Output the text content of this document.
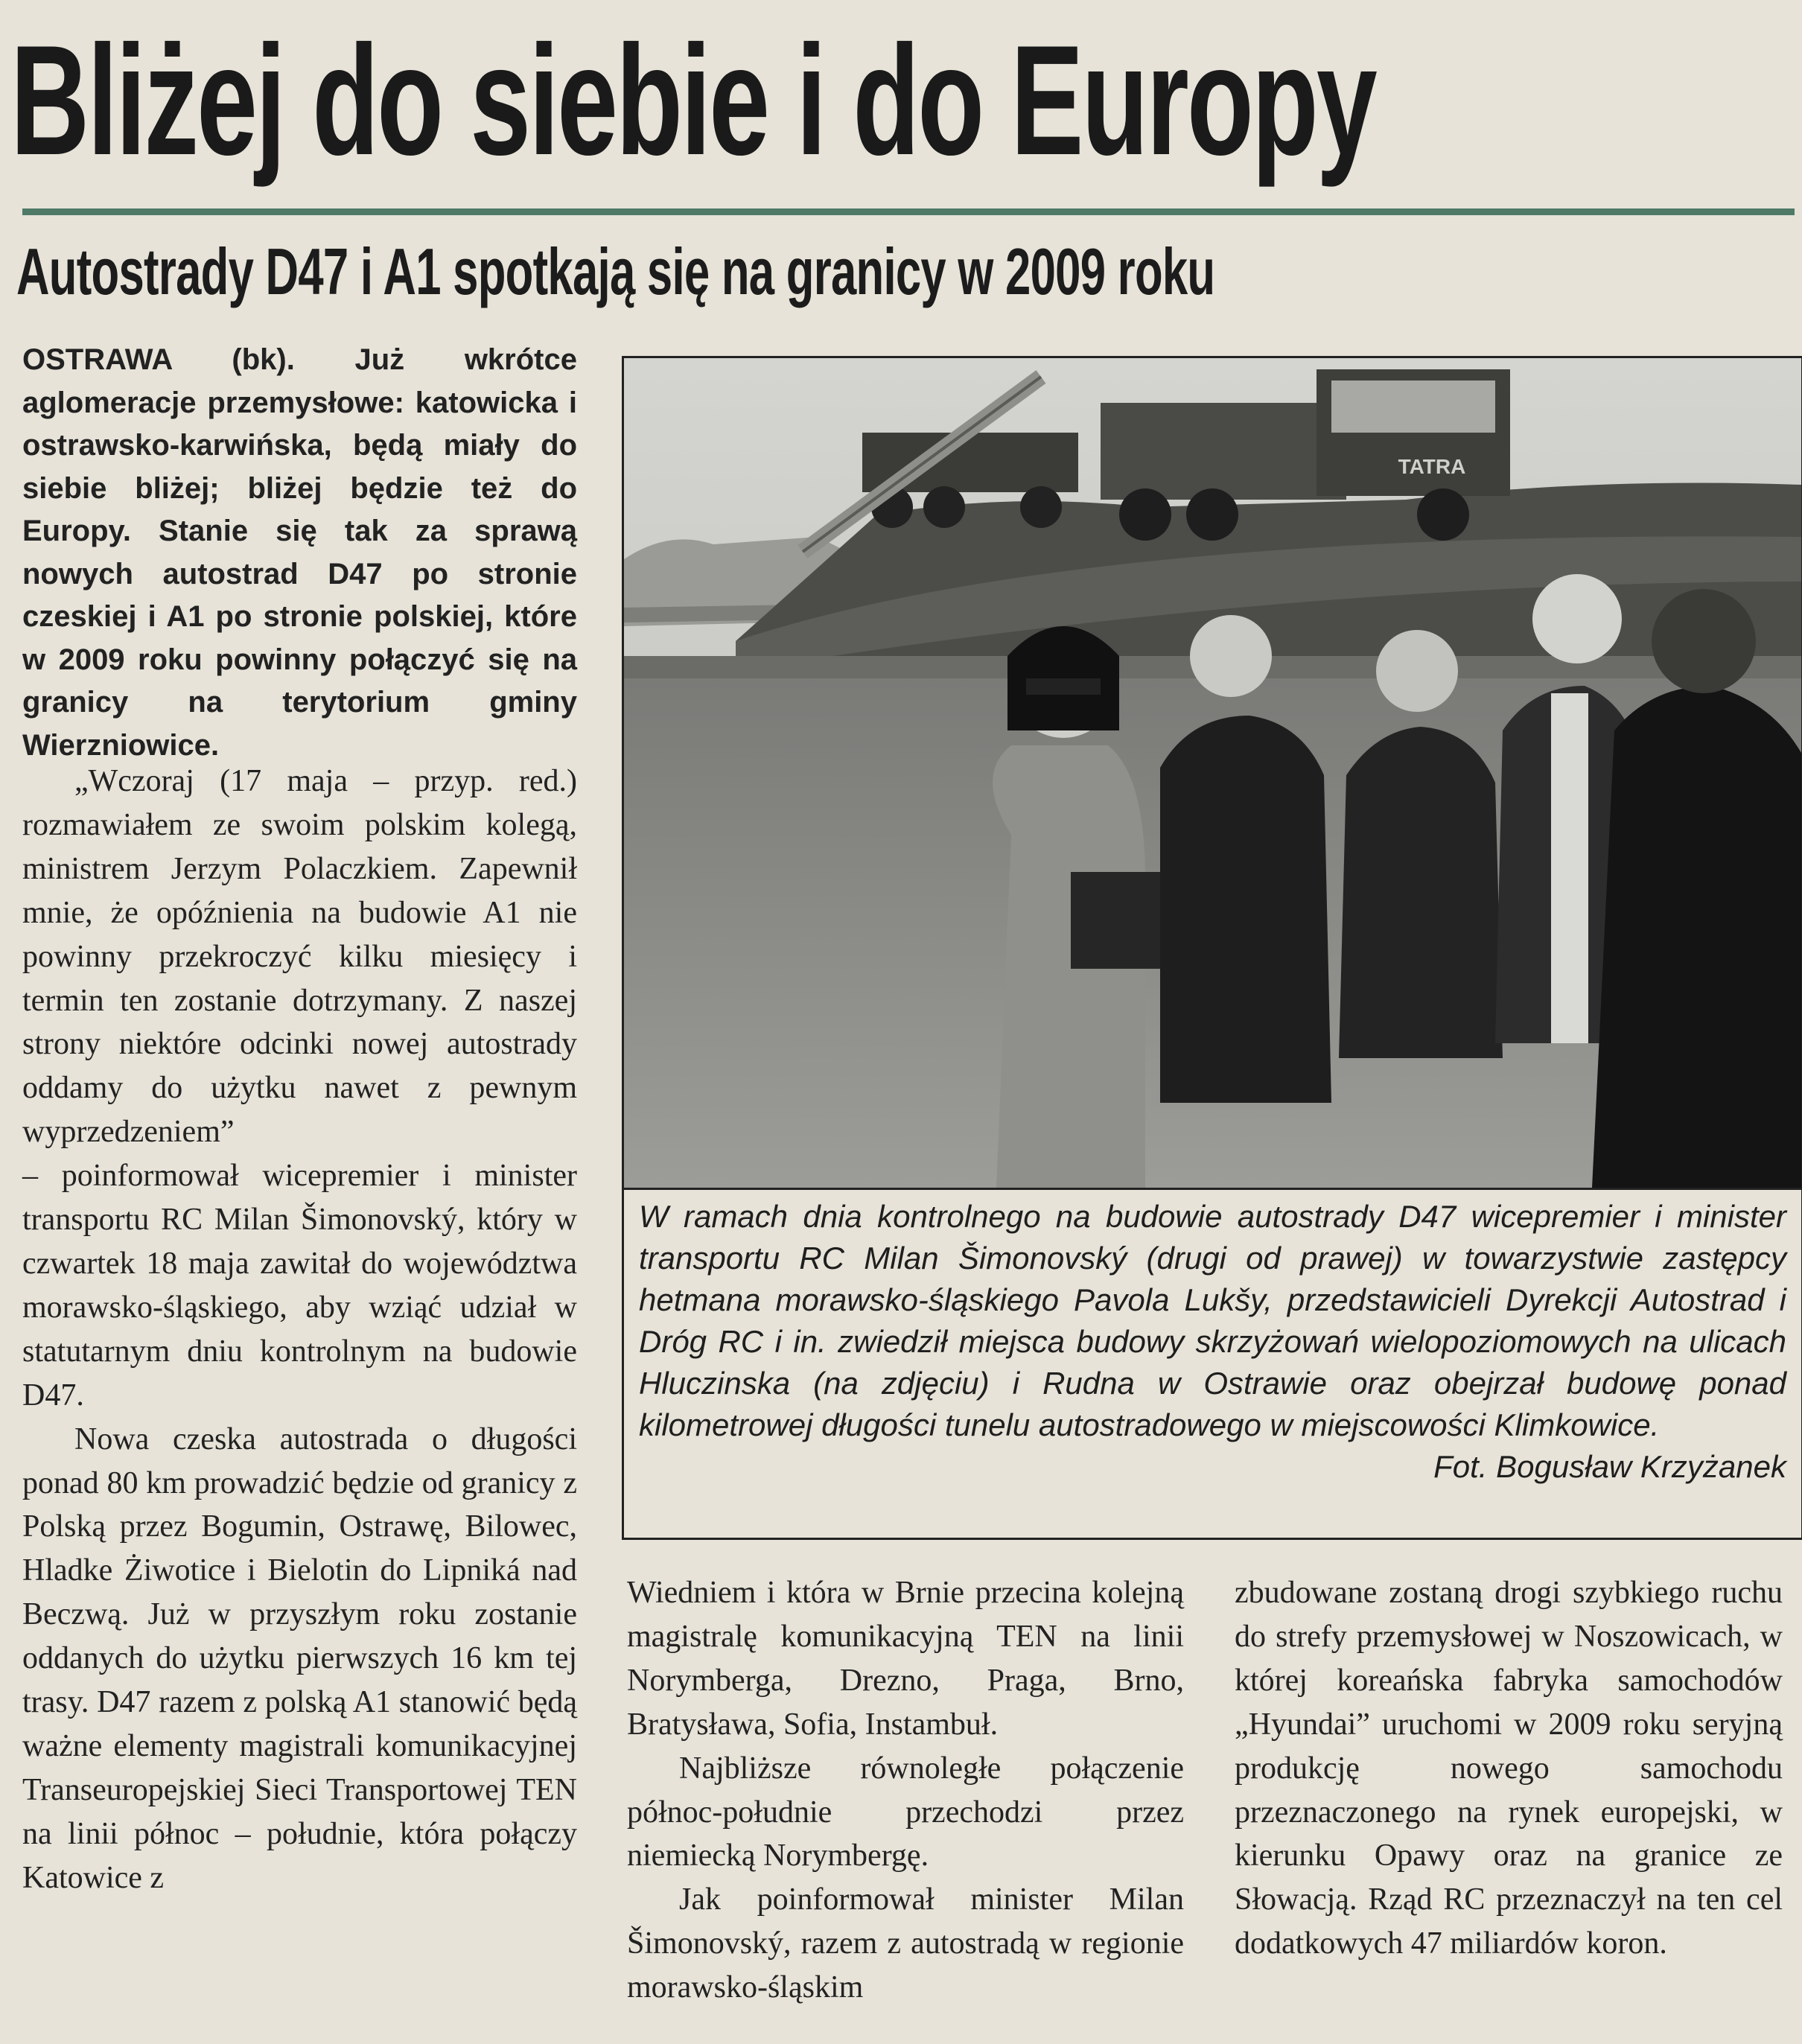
Bliżej do siebie i do Europy
Autostrady D47 i A1 spotkają się na granicy w 2009 roku
OSTRAWA (bk). Już wkrótce aglomeracje przemysłowe: katowicka i ostrawsko-karwińska, będą miały do siebie bliżej; bliżej będzie też do Europy. Stanie się tak za sprawą nowych autostrad D47 po stronie czeskiej i A1 po stronie polskiej, które w 2009 roku powinny połączyć się na granicy na terytorium gminy Wierzniowice.

„Wczoraj (17 maja – przyp. red.) rozmawiałem ze swoim polskim kolegą, ministrem Jerzym Polaczkiem. Zapewnił mnie, że opóźnienia na budowie A1 nie powinny przekroczyć kilku miesięcy i termin ten zostanie dotrzymany. Z naszej strony niektóre odcinki nowej autostrady oddamy do użytku nawet z pewnym wyprzedzeniem”

– poinformował wicepremier i minister transportu RC Milan Šimonovský, który w czwartek 18 maja zawitał do województwa morawsko-śląskiego, aby wziąć udział w statutarnym dniu kontrolnym na budowie D47.

Nowa czeska autostrada o długości ponad 80 km prowadzić będzie od granicy z Polską przez Bogumin, Ostrawę, Bilowec, Hladke Żiwotice i Bielotin do Lipniká nad Beczwą. Już w przyszłym roku zostanie oddanych do użytku pierwszych 16 km tej trasy. D47 razem z polską A1 stanowić będą ważne elementy magistrali komunikacyjnej Transeuropejskiej Sieci Transportowej TEN na linii północ – południe, która połączy Katowice z

TATRA
W ramach dnia kontrolnego na budowie autostrady D47 wicepremier i minister transportu RC Milan Šimonovský (drugi od prawej) w towarzystwie zastępcy hetmana morawsko-śląskiego Pavola Lukšy, przedstawicieli Dyrekcji Autostrad i Dróg RC i in. zwiedził miejsca budowy skrzyżowań wielopoziomowych na ulicach Hluczinska (na zdjęciu) i Rudna w Ostrawie oraz obejrzał budowę ponad kilometrowej długości tunelu autostradowego w miejscowości Klimkowice.
Fot. Bogusław Krzyżanek

Wiedniem i która w Brnie przecina kolejną magistralę komunikacyjną TEN na linii Norymberga, Drezno, Praga, Brno, Bratysława, Sofia, Instambuł.

Najbliższe równoległe połączenie północ-południe przechodzi przez niemiecką Norymbergę.

Jak poinformował minister Milan Šimonovský, razem z autostradą w regionie morawsko-śląskim

zbudowane zostaną drogi szybkiego ruchu do strefy przemysłowej w Noszowicach, w której koreańska fabryka samochodów „Hyundai” uruchomi w 2009 roku seryjną produkcję nowego samochodu przeznaczonego na rynek europejski, w kierunku Opawy oraz na granice ze Słowacją. Rząd RC przeznaczył na ten cel dodatkowych 47 miliardów koron.
